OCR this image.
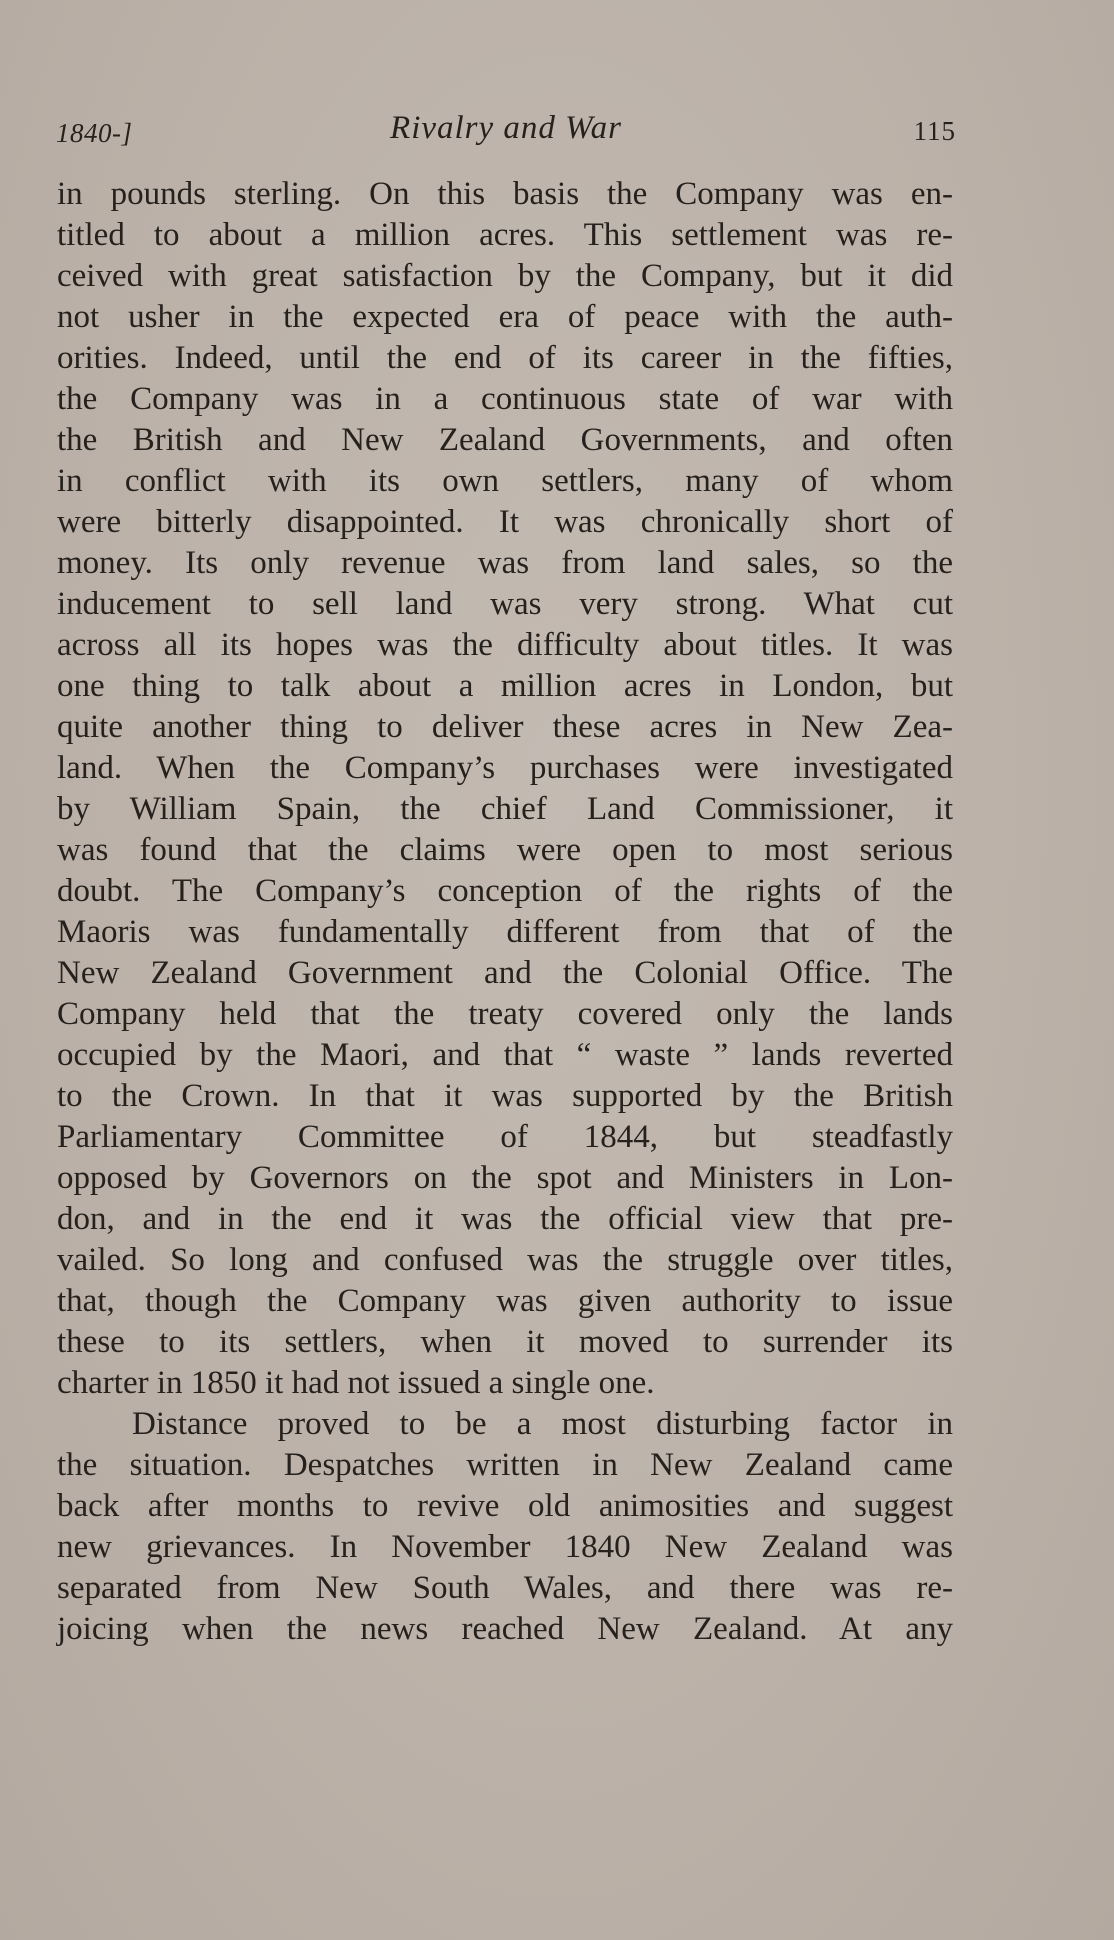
1840-]	Rivalry and War	115
in pounds sterling. On this basis the Company was en-
titled to about a million acres. This settlement was re-
ceived with great satisfaction by the Company, but it did
not usher in the expected era of peace with the auth-
orities. Indeed, until the end of its career in the fifties,
the Company was in a continuous state of war with
the British and New Zealand Governments, and often
in conflict with its own settlers, many of whom
were bitterly disappointed. It was chronically short of
money. Its only revenue was from land sales, so the
inducement to sell land was very strong. What cut
across all its hopes was the difficulty about titles. It was
one thing to talk about a million acres in London, but
quite another thing to deliver these acres in New Zea-
land. When the Company’s purchases were investigated
by William Spain, the chief Land Commissioner, it
was found that the claims were open to most serious
doubt. The Company’s conception of the rights of the
Maoris was fundamentally different from that of the
New Zealand Government and the Colonial Office. The
Company held that the treaty covered only the lands
occupied by the Maori, and that “ waste ” lands reverted
to the Crown. In that it was supported by the British
Parliamentary Committee of 1844, but steadfastly
opposed by Governors on the spot and Ministers in Lon-
don, and in the end it was the official view that pre-
vailed. So long and confused was the struggle over titles,
that, though the Company was given authority to issue
these to its settlers, when it moved to surrender its
charter in 1850 it had not issued a single one.
Distance proved to be a most disturbing factor in
the situation. Despatches written in New Zealand came
back after months to revive old animosities and suggest
new grievances. In November 1840 New Zealand was
separated from New South Wales, and there was re-
joicing when the news reached New Zealand. At any
